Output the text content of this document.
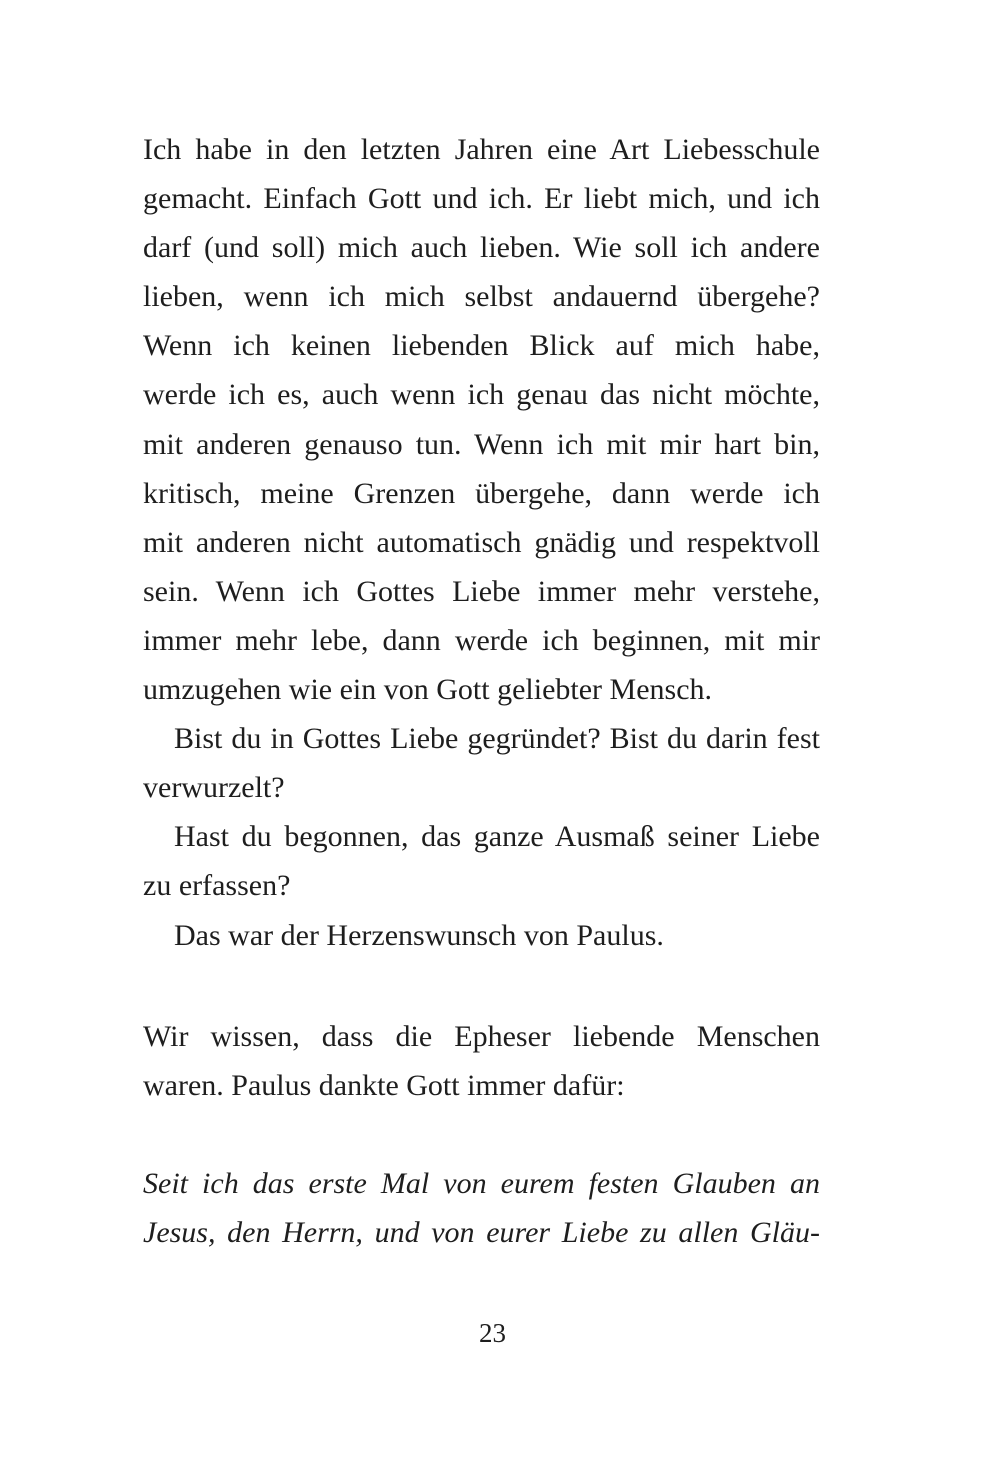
Ich habe in den letzten Jahren eine Art Liebesschule
gemacht. Einfach Gott und ich. Er liebt mich, und ich
darf (und soll) mich auch lieben. Wie soll ich andere
lieben, wenn ich mich selbst andauernd übergehe?
Wenn ich keinen liebenden Blick auf mich habe,
werde ich es, auch wenn ich genau das nicht möchte,
mit anderen genauso tun. Wenn ich mit mir hart bin,
kritisch, meine Grenzen übergehe, dann werde ich
mit anderen nicht automatisch gnädig und respektvoll
sein. Wenn ich Gottes Liebe immer mehr verstehe,
immer mehr lebe, dann werde ich beginnen, mit mir
umzugehen wie ein von Gott geliebter Mensch.

Bist du in Gottes Liebe gegründet? Bist du darin fest
verwurzelt?

Hast du begonnen, das ganze Ausmaß seiner Liebe
zu erfassen?

Das war der Herzenswunsch von Paulus.

Wir wissen, dass die Epheser liebende Menschen
waren. Paulus dankte Gott immer dafür:

Seit ich das erste Mal von eurem festen Glauben an
Jesus, den Herrn, und von eurer Liebe zu allen Gläu-

23
